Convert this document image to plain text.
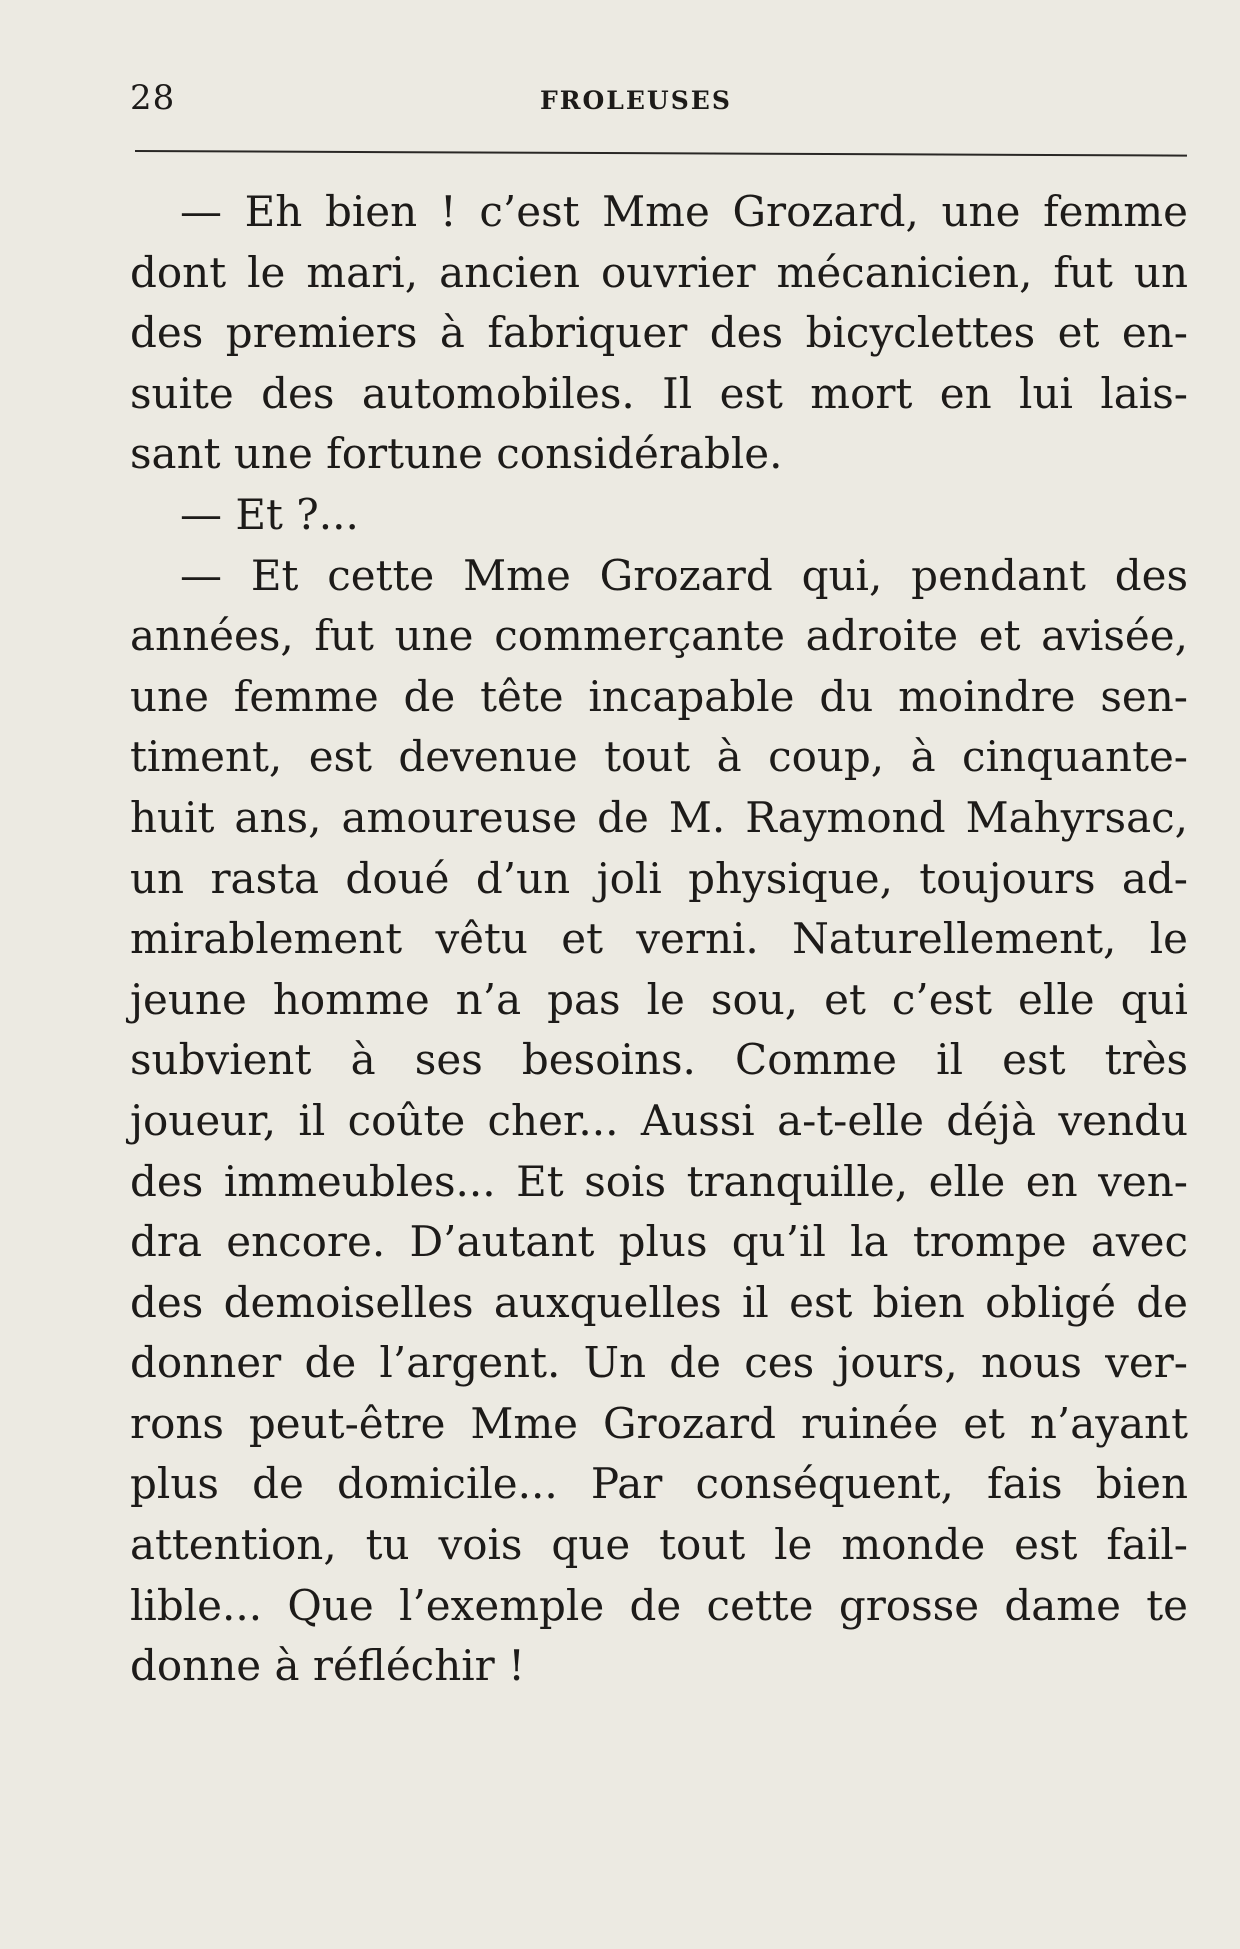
28	FROLEUSES
— Eh bien ! c’est Mme Grozard, une femme
dont le mari, ancien ouvrier mécanicien, fut un
des premiers à fabriquer des bicyclettes et en-
suite des automobiles. Il est mort en lui lais-
sant une fortune considérable.
— Et ?...
— Et cette Mme Grozard qui, pendant des
années, fut une commerçante adroite et avisée,
une femme de tête incapable du moindre sen-
timent, est devenue tout à coup, à cinquante-
huit ans, amoureuse de M. Raymond Mahyrsac,
un rasta doué d’un joli physique, toujours ad-
mirablement vêtu et verni. Naturellement, le
jeune homme n’a pas le sou, et c’est elle qui
subvient à ses besoins. Comme il est très
joueur, il coûte cher... Aussi a-t-elle déjà vendu
des immeubles... Et sois tranquille, elle en ven-
dra encore. D’autant plus qu’il la trompe avec
des demoiselles auxquelles il est bien obligé de
donner de l’argent. Un de ces jours, nous ver-
rons peut-être Mme Grozard ruinée et n’ayant
plus de domicile... Par conséquent, fais bien
attention, tu vois que tout le monde est fail-
lible... Que l’exemple de cette grosse dame te
donne à réfléchir !
